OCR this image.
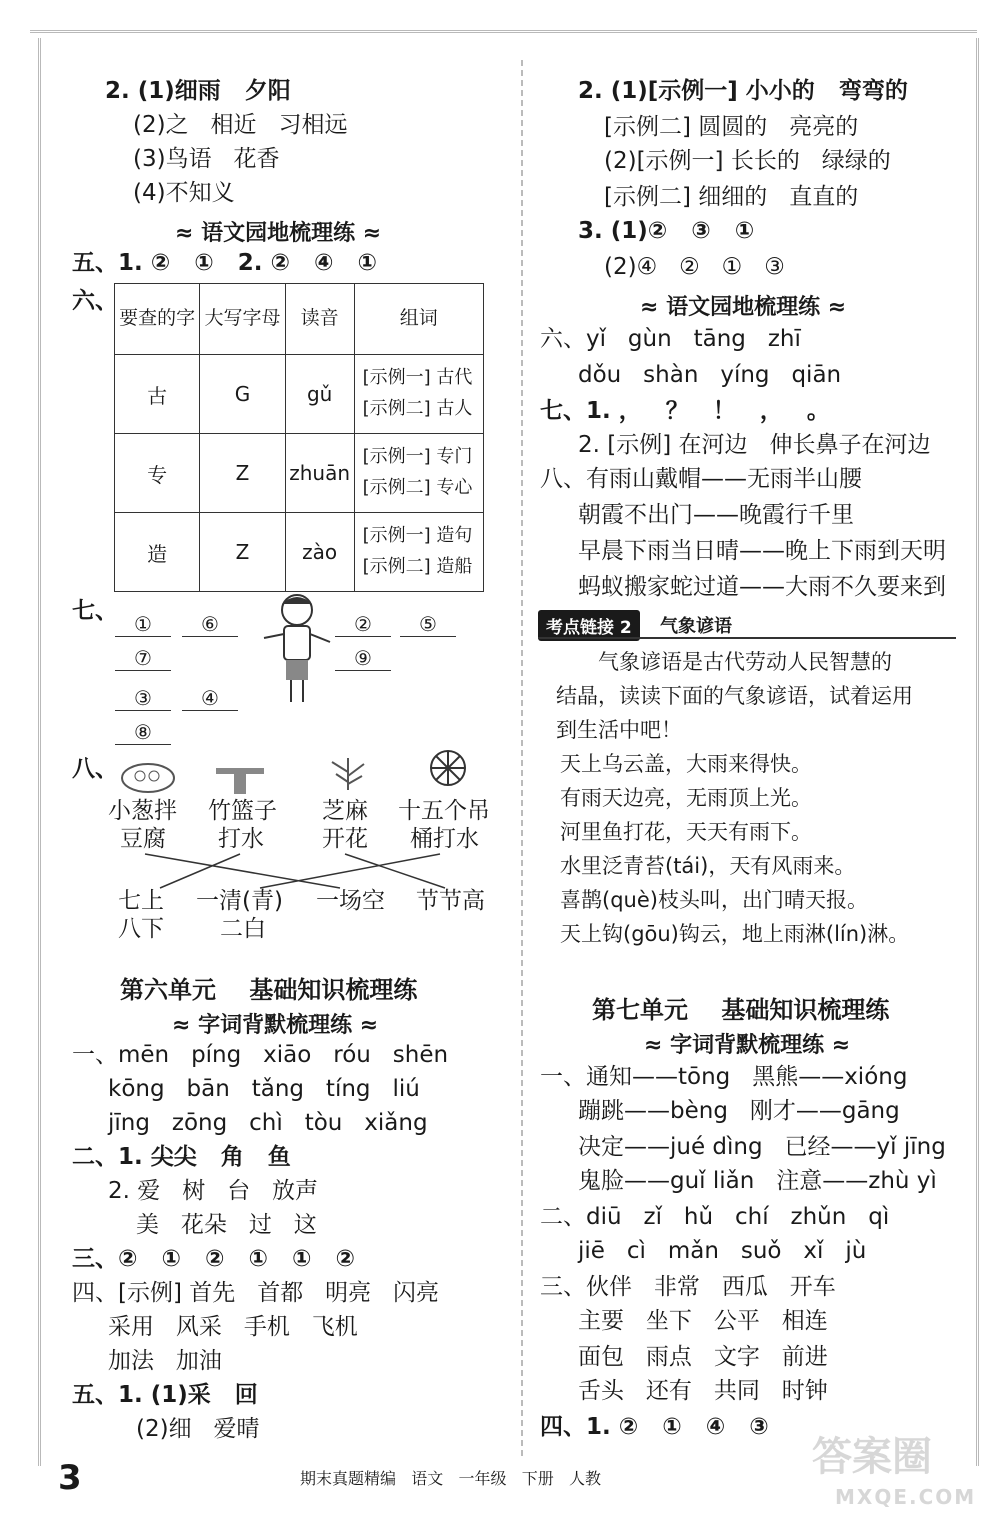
2. (1)细雨   夕阳
(2)之   相近   习相远
(3)鸟语   花香
(4)不知义
≈ 语文园地梳理练 ≈
五、1. ②   ①   2. ②   ④   ①
六、
要查的字	大写字母	读音	组词
古	G	gǔ	[示例一] 古代
[示例二] 古人

专	Z	zhuān	[示例一] 专门
[示例二] 专心

造	Z	zào	[示例一] 造句
[示例二] 造船
七、 ①	⑥	②	⑤
⑦	⑨
③	④
⑧
八、
小葱拌 竹篮子 芝麻 十五个吊
豆腐 打水	开花 桶打水
七上 一清(青) 一场空 节节高
八下 二白
第六单元    基础知识梳理练
≈ 字词背默梳理练 ≈
一、mēn   píng   xiāo   róu   shēn
kōng   bān   tǎng   tíng   liú
jīng   zōng   chì   tòu   xiǎng
二、1. 尖尖   角   鱼
2. 爱   树   台   放声
美   花朵   过   这
三、②   ①   ②   ①   ①   ②
四、[示例] 首先   首都   明亮   闪亮
采用   风采   手机   飞机
加法   加油
五、1. (1)采   回
(2)细   爱晴
2. (1)[示例一] 小小的   弯弯的
[示例二] 圆圆的   亮亮的
(2)[示例一] 长长的   绿绿的
[示例二] 细细的   直直的
3. (1)②   ③   ①
(2)④   ②   ①   ③
≈ 语文园地梳理练 ≈
六、yǐ   gùn   tāng   zhī
dǒu   shàn   yíng   qiān
七、1. ，   ？   ！   ，   。
2. [示例] 在河边   伸长鼻子在河边
八、有雨山戴帽——无雨半山腰
朝霞不出门——晚霞行千里
早晨下雨当日晴——晚上下雨到天明
蚂蚁搬家蛇过道——大雨不久要来到
考点链接 2	气象谚语
气象谚语是古代劳动人民智慧的
结晶，读读下面的气象谚语，试着运用
到生活中吧！
天上乌云盖，大雨来得快。
有雨天边亮，无雨顶上光。
河里鱼打花，天天有雨下。
水里泛青苔(tái)，天有风雨来。
喜鹊(què)枝头叫，出门晴天报。
天上钩(gōu)钩云，地上雨淋(lín)淋。
第七单元    基础知识梳理练
≈ 字词背默梳理练 ≈
一、通知——tōng   黑熊——xióng
蹦跳——bèng   刚才——gāng
决定——jué dìng   已经——yǐ jīng
鬼脸——guǐ liǎn   注意——zhù yì
二、diū   zǐ   hǔ   chí   zhǔn   qì
jiē   cì   mǎn   suǒ   xǐ   jù
三、伙伴   非常   西瓜   开车
主要   坐下   公平   相连
面包   雨点   文字   前进
舌头   还有   共同   时钟
四、1. ②   ①   ④   ③
3	期末真题精编   语文   一年级   下册   人教	答案圈
MXQE.COM
